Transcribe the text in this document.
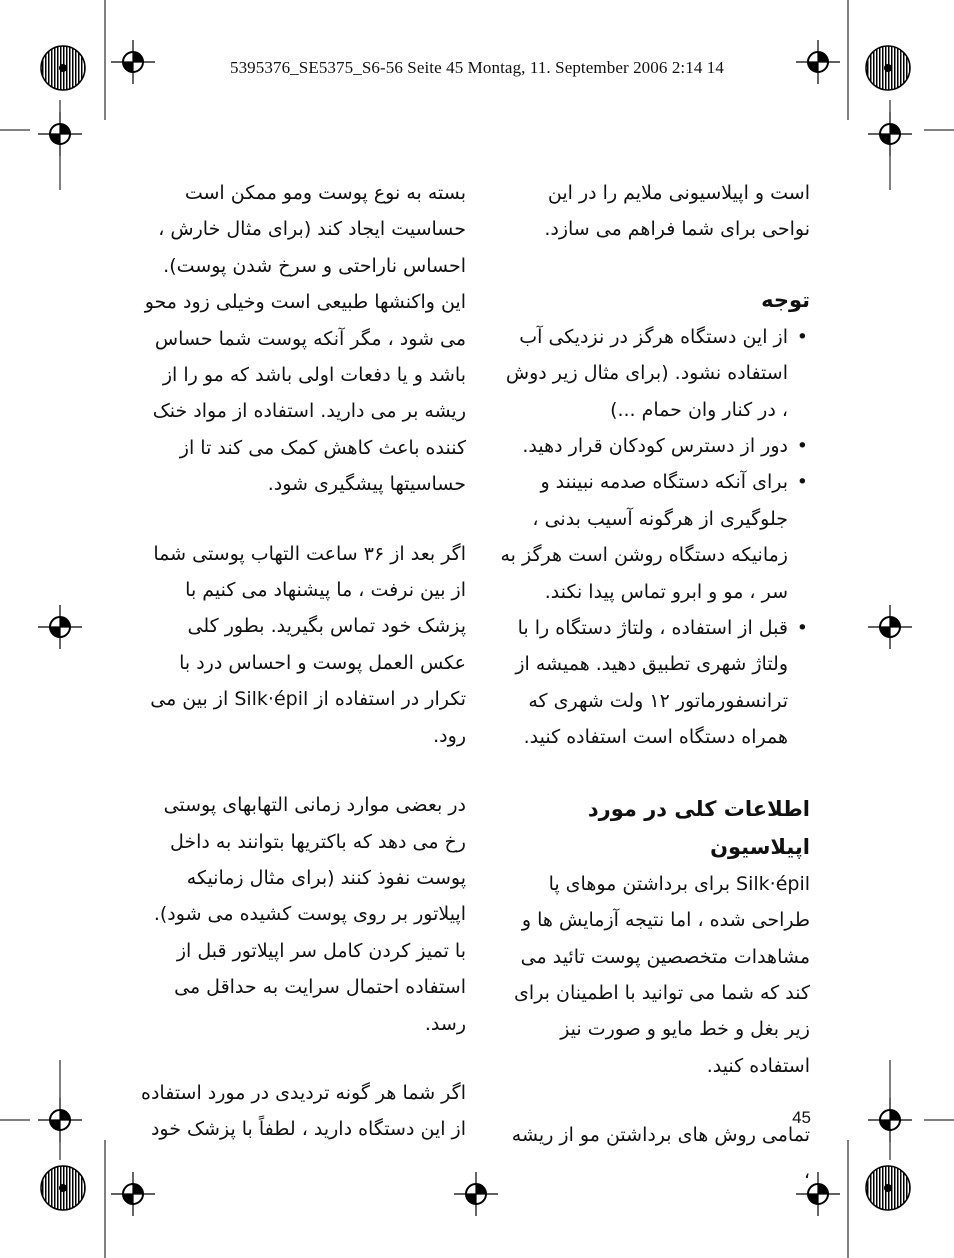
5395376_SE5375_S6-56 Seite 45 Montag, 11. September 2006 2:14 14

است و اپیلاسیونی ملایم را در این نواحی برای شما فراهم می سازد.

توجه
• از این دستگاه هرگز در نزدیکی آب استفاده نشود. (برای مثال زیر دوش ، در کنار وان حمام ...)
• دور از دسترس کودکان قرار دهید.
• برای آنکه دستگاه صدمه نبینند و جلوگیری از هرگونه آسیب بدنی ، زمانیکه دستگاه روشن است هرگز به سر ، مو و ابرو تماس پیدا نکند.
• قبل از استفاده ، ولتاژ دستگاه را با ولتاژ شهری تطبیق دهید. همیشه از ترانسفورماتور ۱۲ ولت شهری که همراه دستگاه است استفاده کنید.
اطلاعات کلی در مورد اپیلاسیون

Silk·épil برای برداشتن موهای پا طراحی شده ، اما نتیجه آزمایش ها و مشاهدات متخصصین پوست تائید می کند که شما می توانید با اطمینان برای زیر بغل و خط مایو و صورت نیز استفاده کنید.

تمامی روش های برداشتن مو از ریشه ،

بسته به نوع پوست ومو ممکن است حساسیت ایجاد کند (برای مثال خارش ، احساس ناراحتی و سرخ شدن پوست). این واکنشها طبیعی است وخیلی زود محو می شود ، مگر آنکه پوست شما حساس باشد و یا دفعات اولی باشد که مو را از ریشه بر می دارید. استفاده از مواد خنک کننده باعث کاهش کمک می کند تا از حساسیتها پیشگیری شود.

اگر بعد از ۳۶ ساعت التهاب پوستی شما از بین نرفت ، ما پیشنهاد می کنیم با پزشک خود تماس بگیرید. بطور کلی عکس العمل پوست و احساس درد با تکرار در استفاده از Silk·épil از بین می رود.

در بعضی موارد زمانی التهابهای پوستی رخ می دهد که باکتریها بتوانند به داخل پوست نفوذ کنند (برای مثال زمانیکه اپیلاتور بر روی پوست کشیده می شود). با تمیز کردن کامل سر اپیلاتور قبل از استفاده احتمال سرایت به حداقل می رسد.

اگر شما هر گونه تردیدی در مورد استفاده از این دستگاه دارید ، لطفاً با پزشک خود

45
